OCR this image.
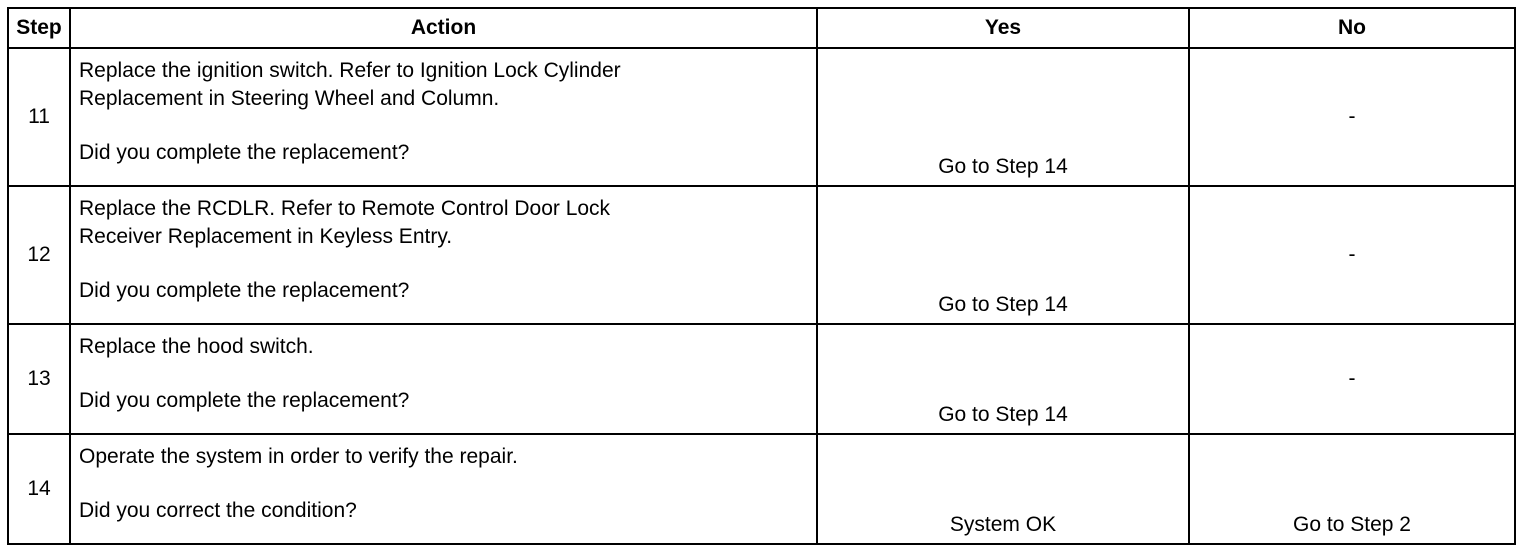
Step	Action	Yes	No
11	Replace the ignition switch. Refer to Ignition Lock Cylinder
Replacement in Steering Wheel and Column.
Did you complete the replacement?	Go to Step 14	-
12	Replace the RCDLR. Refer to Remote Control Door Lock
Receiver Replacement in Keyless Entry.
Did you complete the replacement?	Go to Step 14	-
13	Replace the hood switch.
Did you complete the replacement?	Go to Step 14	-
14	Operate the system in order to verify the repair.
Did you correct the condition?	System OK	Go to Step 2
